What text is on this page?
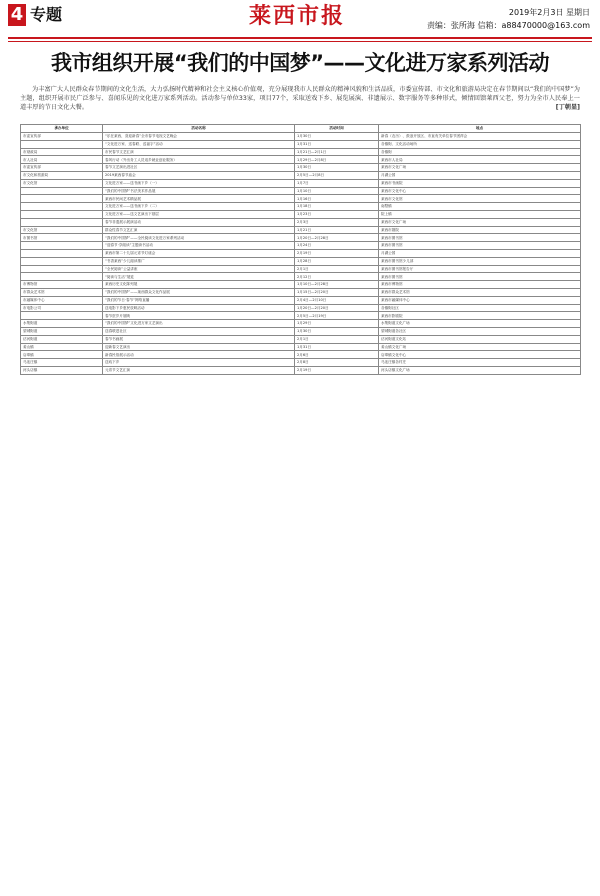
4 专题	莱西市报	2019年2月3日 星期日
责编：张所海 信箱：a88470000@163.com
我市组织开展“我们的中国梦”——文化进万家系列活动
为丰富广大人民群众春节期间的文化生活，大力弘扬时代精神和社会主义核心价值观，充分展现我市人民群众的精神风貌和生活品质，市委宣传部、市文化和旅游局决定在春节期间以“我们的中国梦”为主题，组织开展市民广泛参与、喜闻乐见的文化进万家系列活动。活动参与单位33家，项目77个，采取送戏下乡、展览展演、非遗展示、数字服务等多种形式，倾情回馈莱西父老，努力为全市人民奉上一道丰厚的节日文化大餐。	[丁朝显]
承办单位	活动名称	活动时间	地点
市委宣传部	“乐在莱西，喜迎新春”全市春节电视文艺晚会	1月30日	新春（农历）、鼓浪开放区、市直有关单位春节团拜会
	“文化进万家、送春联、送福字”活动	1月31日	各镇街、文化活动场所
市财政局	市民春节文艺汇演	1月21日—2月1日	各镇街
市人社局	春风行动（外出务工人员返乡就业创业服务）	1月29日—2月8日	莱西市人社局
市委宣传部	春节文艺演出进社区	1月30日	莱西市文化广场
市文化和旅游局	2019莱西春节庙会	2月5日—2月8日	月湖公园
市文化馆	文化进万家——送书画下乡（一）	1月7日	莱西市书画院
	“我们的中国梦”书法美术作品展	1月10日	莱西市文化中心
	莱西市民间艺术精品展	1月16日	莱西市文化馆
	文化进万家——送书画下乡（二）	1月18日	南墅镇
	文化进万家——送文艺演出下基层	1月23日	院上镇
	春节非遗展示展演活动	2月3日	莱西市文化广场
市文化馆	群众性春节文艺汇演	1月21日	莱西市剧院
市图书馆	“我们的中国梦”——全民阅读文化进万家系列活动	1月20日—2月28日	莱西市图书馆
	“迎春节·享阅读”主题读书活动	1月24日	莱西市图书馆
	莱西市第二十九届元宵节灯谜会	2月19日	月湖公园
	“书香莱西”少儿阅读推广	1月28日	莱西市图书馆少儿部
	“全民阅读”公益讲座	2月1日	莱西市图书馆报告厅
	“阅读与生活”展览	2月12日	莱西市图书馆
市博物馆	莱西历史文化陈列展	1月10日—2月28日	莱西市博物馆
市群众艺术馆	“我们的中国梦”——莱西群众文化作品展	1月15日—2月20日	莱西市群众艺术馆
市融媒体中心	“我们的节日·春节”网络直播	2月4日—2月10日	莱西市融媒体中心
市电影公司	送电影下乡惠民放映活动	1月20日—2月20日	各镇街社区
	春节贺岁片展映	2月5日—2月19日	莱西市影剧院
水集街道	“我们的中国梦”文化进万家文艺演出	1月29日	水集街道文化广场
望城街道	送春联进社区	1月30日	望城街道各社区
沽河街道	春节书画展	2月1日	沽河街道文化站
姜山镇	迎新春文艺演出	1月31日	姜山镇文化广场
店埠镇	新春民俗展示活动	2月6日	店埠镇文化中心
马连庄镇	送戏下乡	2月8日	马连庄镇各村庄
河头店镇	元宵节文艺汇演	2月19日	河头店镇文化广场
